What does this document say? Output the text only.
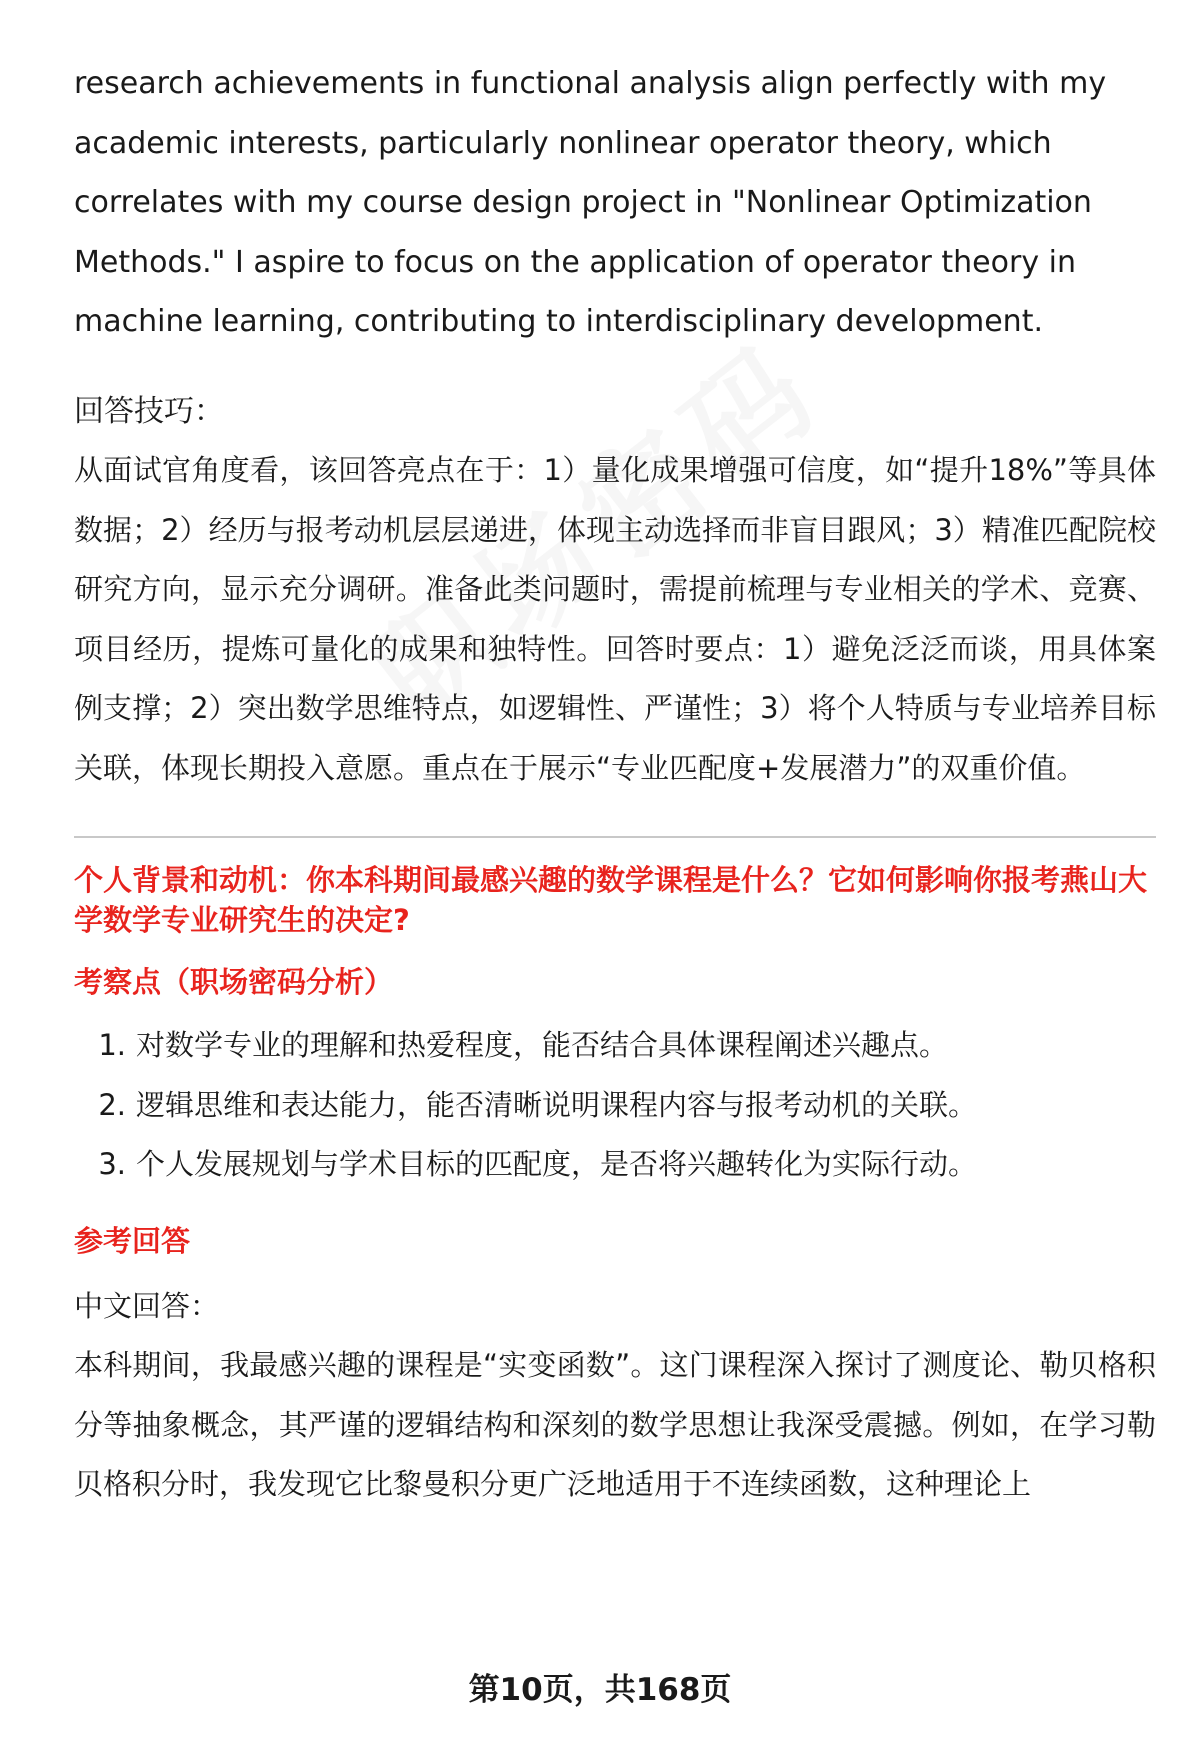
research achievements in functional analysis align perfectly with my academic interests, particularly nonlinear operator theory, which correlates with my course design project in "Nonlinear Optimization Methods." I aspire to focus on the application of operator theory in machine learning, contributing to interdisciplinary development.

回答技巧：

从面试官角度看，该回答亮点在于：1）量化成果增强可信度，如“提升18%”等具体数据；2）经历与报考动机层层递进，体现主动选择而非盲目跟风；3）精准匹配院校研究方向，显示充分调研。准备此类问题时，需提前梳理与专业相关的学术、竞赛、项目经历，提炼可量化的成果和独特性。回答时要点：1）避免泛泛而谈，用具体案例支撑；2）突出数学思维特点，如逻辑性、严谨性；3）将个人特质与专业培养目标关联，体现长期投入意愿。重点在于展示“专业匹配度+发展潜力”的双重价值。

个人背景和动机：你本科期间最感兴趣的数学课程是什么？它如何影响你报考燕山大学数学专业研究生的决定?

考察点（职场密码分析）

1. 对数学专业的理解和热爱程度，能否结合具体课程阐述兴趣点。
2. 逻辑思维和表达能力，能否清晰说明课程内容与报考动机的关联。
3. 个人发展规划与学术目标的匹配度，是否将兴趣转化为实际行动。

参考回答

中文回答：

本科期间，我最感兴趣的课程是“实变函数”。这门课程深入探讨了测度论、勒贝格积分等抽象概念，其严谨的逻辑结构和深刻的数学思想让我深受震撼。例如，在学习勒贝格积分时，我发现它比黎曼积分更广泛地适用于不连续函数，这种理论上

第10页，共168页
